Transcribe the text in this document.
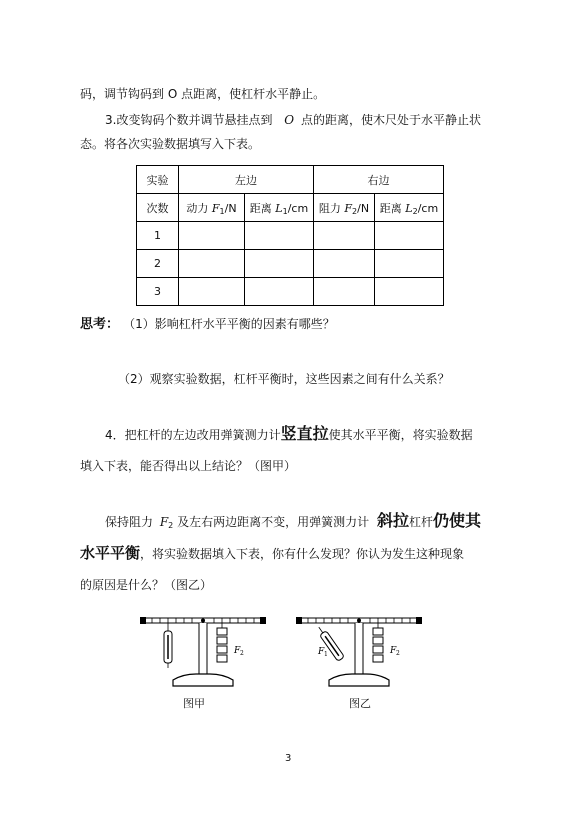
码，调节钩码到 O 点距离，使杠杆水平静止。
3.改变钩码个数并调节悬挂点到 O 点的距离，使木尺处于水平静止状
态。将各次实验数据填写入下表。
实验	左边		右边	
次数	动力 $F_1/N$	距离 $L_1/cm$	阻力 $F_2/N$	距离 $L_2/cm$
1				
2				
3				
思考： （1）影响杠杆水平平衡的因素有哪些？
（2）观察实验数据，杠杆平衡时，这些因素之间有什么关系？
4．把杠杆的左边改用弹簧测力计竖直拉使其水平平衡，将实验数据
填入下表，能否得出以上结论？（图甲）
保持阻力 $F_2$ 及左右两边距离不变，用弹簧测力计 斜拉杠杆仍使其
水平平衡，将实验数据填入下表，你有什么发现？你认为发生这种现象
的原因是什么？（图乙）
F 2
图甲
F 1	F 2
图乙
3
